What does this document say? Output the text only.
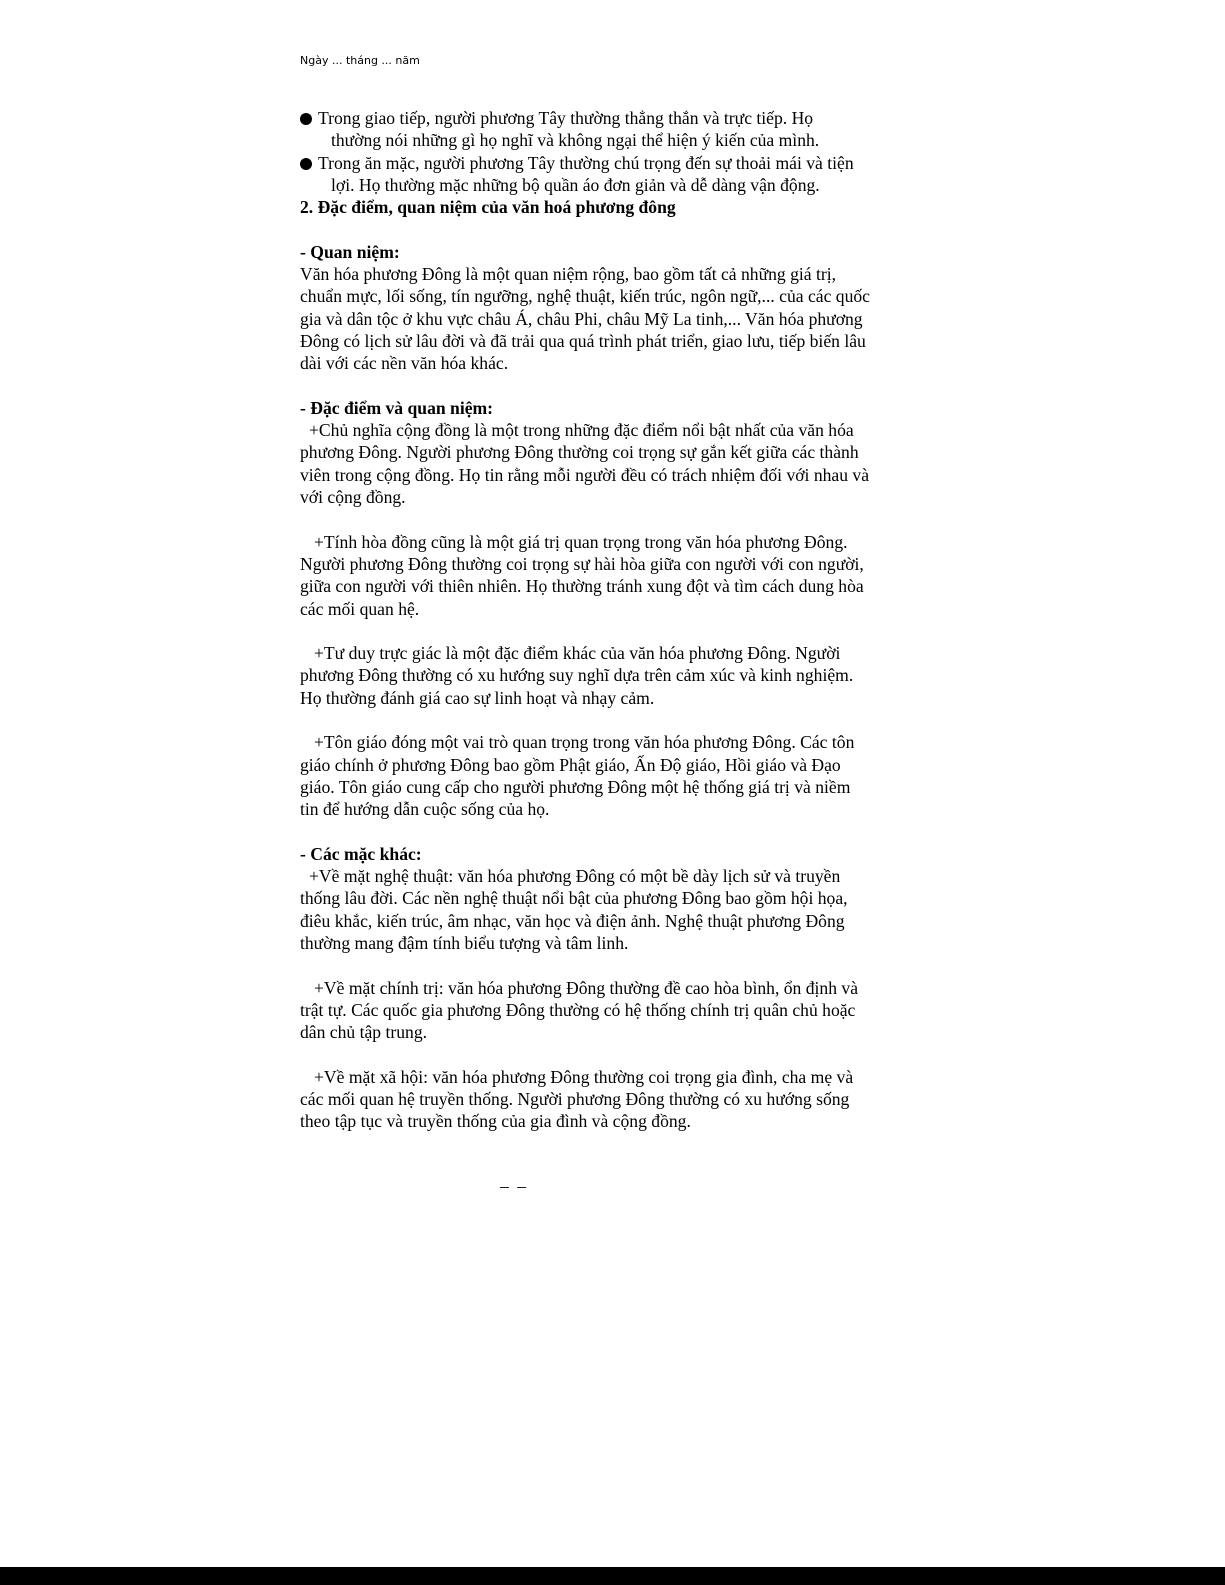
Ngày ... tháng ... năm
Trong giao tiếp, người phương Tây thường thẳng thắn và trực tiếp. Họ
thường nói những gì họ nghĩ và không ngại thể hiện ý kiến của mình.
Trong ăn mặc, người phương Tây thường chú trọng đến sự thoải mái và tiện
lợi. Họ thường mặc những bộ quần áo đơn giản và dễ dàng vận động.
2. Đặc điểm, quan niệm của văn hoá phương đông
- Quan niệm:
Văn hóa phương Đông là một quan niệm rộng, bao gồm tất cả những giá trị,
chuẩn mực, lối sống, tín ngưỡng, nghệ thuật, kiến trúc, ngôn ngữ,... của các quốc
gia và dân tộc ở khu vực châu Á, châu Phi, châu Mỹ La tinh,... Văn hóa phương
Đông có lịch sử lâu đời và đã trải qua quá trình phát triển, giao lưu, tiếp biến lâu
dài với các nền văn hóa khác.
- Đặc điểm và quan niệm:
+Chủ nghĩa cộng đồng là một trong những đặc điểm nổi bật nhất của văn hóa
phương Đông. Người phương Đông thường coi trọng sự gắn kết giữa các thành
viên trong cộng đồng. Họ tin rằng mỗi người đều có trách nhiệm đối với nhau và
với cộng đồng.
+Tính hòa đồng cũng là một giá trị quan trọng trong văn hóa phương Đông.
Người phương Đông thường coi trọng sự hài hòa giữa con người với con người,
giữa con người với thiên nhiên. Họ thường tránh xung đột và tìm cách dung hòa
các mối quan hệ.
+Tư duy trực giác là một đặc điểm khác của văn hóa phương Đông. Người
phương Đông thường có xu hướng suy nghĩ dựa trên cảm xúc và kinh nghiệm.
Họ thường đánh giá cao sự linh hoạt và nhạy cảm.
+Tôn giáo đóng một vai trò quan trọng trong văn hóa phương Đông. Các tôn
giáo chính ở phương Đông bao gồm Phật giáo, Ấn Độ giáo, Hồi giáo và Đạo
giáo. Tôn giáo cung cấp cho người phương Đông một hệ thống giá trị và niềm
tin để hướng dẫn cuộc sống của họ.
- Các mặc khác:
+Về mặt nghệ thuật: văn hóa phương Đông có một bề dày lịch sử và truyền
thống lâu đời. Các nền nghệ thuật nổi bật của phương Đông bao gồm hội họa,
điêu khắc, kiến trúc, âm nhạc, văn học và điện ảnh. Nghệ thuật phương Đông
thường mang đậm tính biểu tượng và tâm linh.
+Về mặt chính trị: văn hóa phương Đông thường đề cao hòa bình, ổn định và
trật tự. Các quốc gia phương Đông thường có hệ thống chính trị quân chủ hoặc
dân chủ tập trung.
+Về mặt xã hội: văn hóa phương Đông thường coi trọng gia đình, cha mẹ và
các mối quan hệ truyền thống. Người phương Đông thường có xu hướng sống
theo tập tục và truyền thống của gia đình và cộng đồng.
– –
